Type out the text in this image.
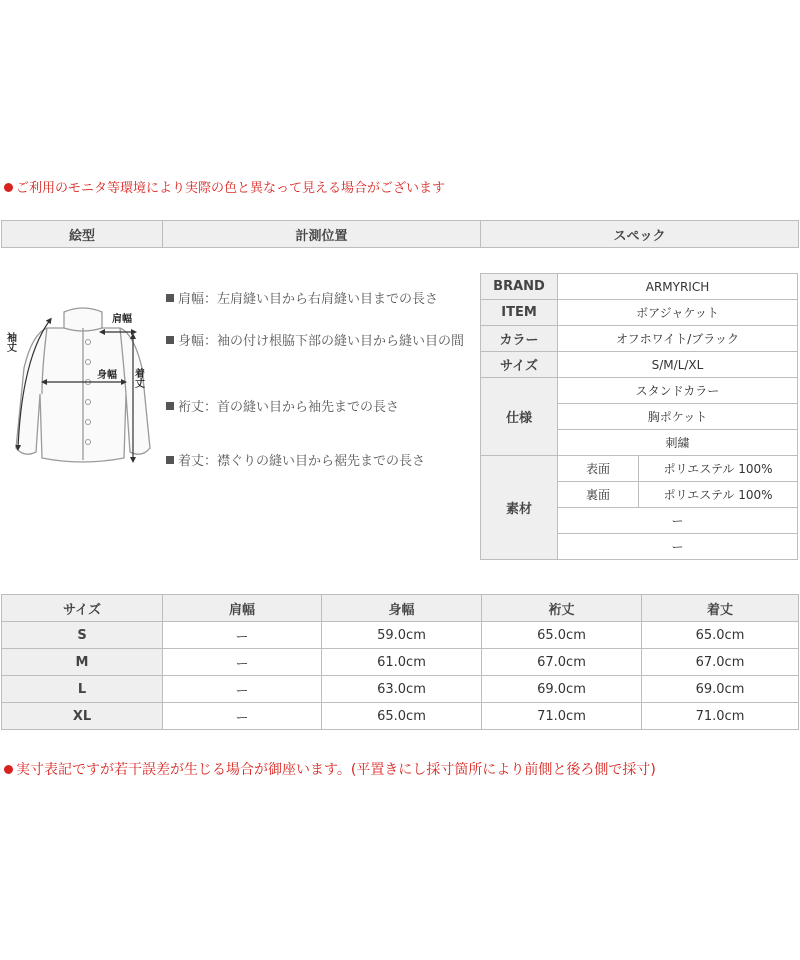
ご利用のモニタ等環境により実際の色と異なって見える場合がございます
絵型	計測位置	スペック
肩幅
身幅 着丈
袖丈
肩幅：左肩縫い目から右肩縫い目までの長さ
身幅：袖の付け根脇下部の縫い目から縫い目の間
裄丈：首の縫い目から袖先までの長さ
着丈：襟ぐりの縫い目から裾先までの長さ
BRAND	ARMYRICH	
ITEM	ボアジャケット	
カラー	オフホワイト/ブラック	
サイズ	S/M/L/XL	
仕様	スタンドカラー	
	胸ポケット	
	刺繍	
素材	表面	ポリエステル 100%
	裏面	ポリエステル 100%
	ー	
	ー	
サイズ	肩幅	身幅	裄丈	着丈
S	ー	59.0cm	65.0cm	65.0cm
M	ー	61.0cm	67.0cm	67.0cm
L	ー	63.0cm	69.0cm	69.0cm
XL	ー	65.0cm	71.0cm	71.0cm
実寸表記ですが若干誤差が生じる場合が御座います。(平置きにし採寸箇所により前側と後ろ側で採寸)
